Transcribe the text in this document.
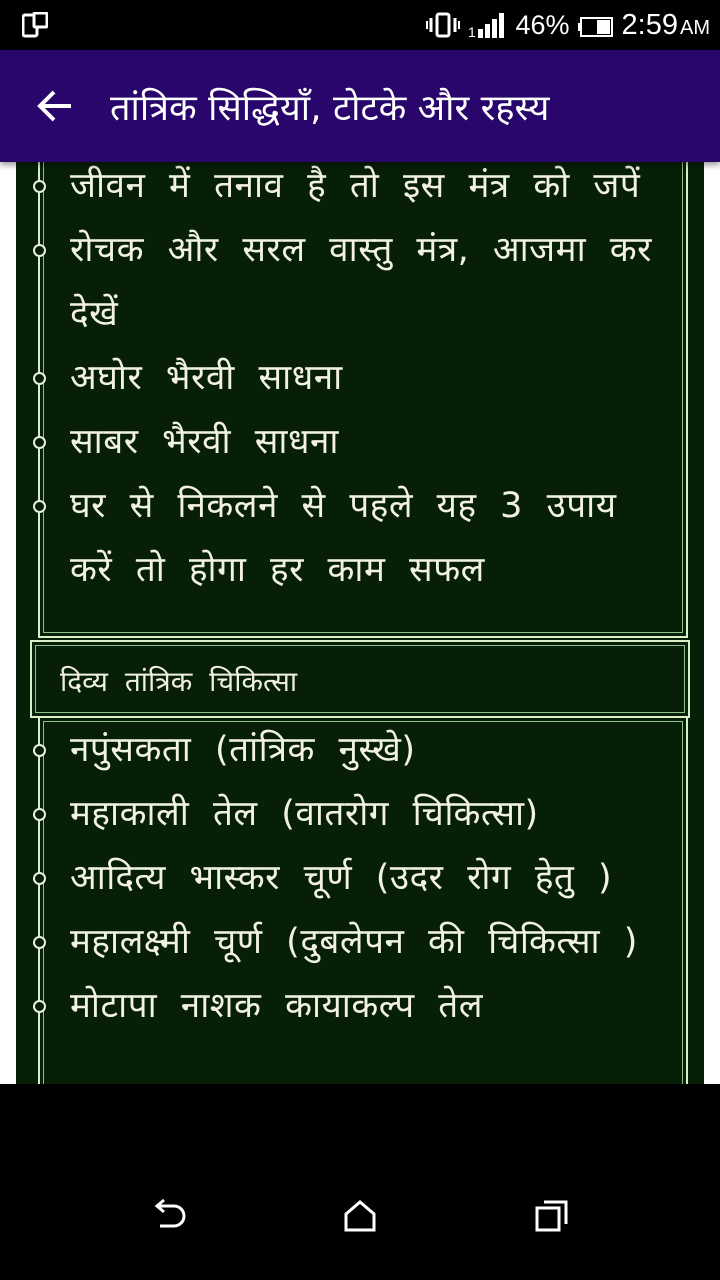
1 46% 2:59 AM
तांत्रिक सिद्धियाँ, टोटके और रहस्य
जीवन में तनाव है तो इस मंत्र को जपें
रोचक और सरल वास्तु मंत्र, आजमा कर देखें
अघोर भैरवी साधना
साबर भैरवी साधना
घर से निकलने से पहले यह 3 उपाय करें तो होगा हर काम सफल
दिव्य तांत्रिक चिकित्सा
नपुंसकता (तांत्रिक नुस्खे)
महाकाली तेल (वातरोग चिकित्सा)
आदित्य भास्कर चूर्ण (उदर रोग हेतु )
महालक्ष्मी चूर्ण (दुबलेपन की चिकित्सा )
मोटापा नाशक कायाकल्प तेल
